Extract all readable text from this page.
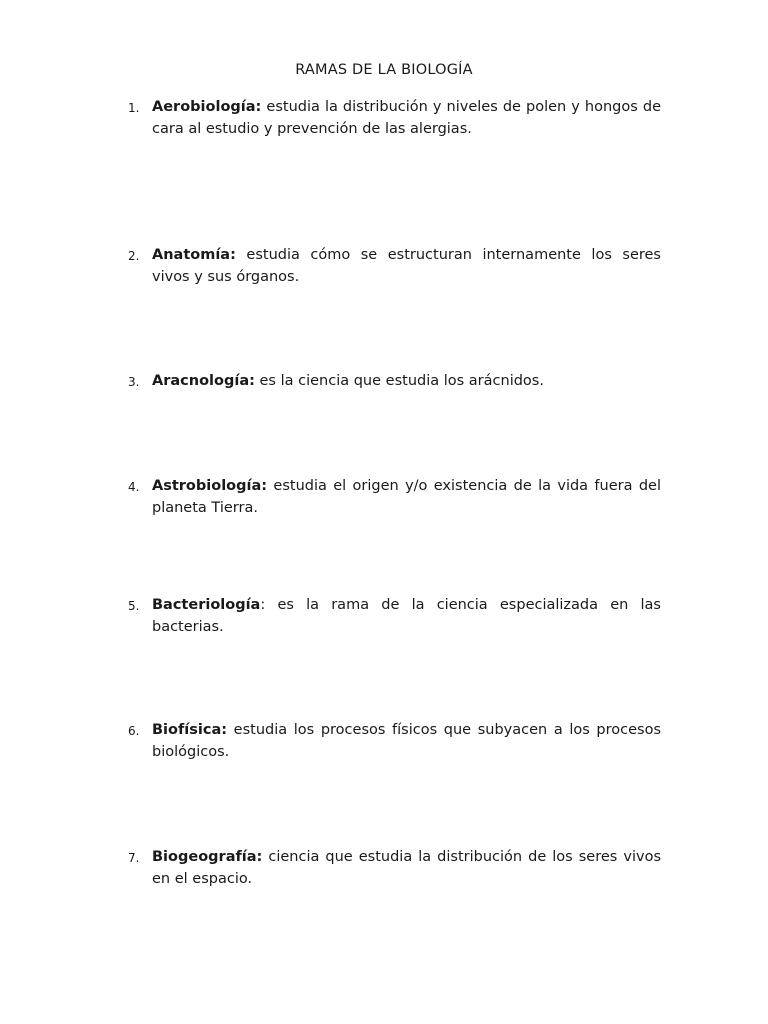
RAMAS DE LA BIOLOGÍA
1. Aerobiología: estudia la distribución y niveles de polen y hongos de cara al estudio y prevención de las alergias.
2. Anatomía: estudia cómo se estructuran internamente los seres vivos y sus órganos.
3. Aracnología: es la ciencia que estudia los arácnidos.
4. Astrobiología: estudia el origen y/o existencia de la vida fuera del planeta Tierra.
5. Bacteriología: es la rama de la ciencia especializada en las bacterias.
6. Biofísica: estudia los procesos físicos que subyacen a los procesos biológicos.
7. Biogeografía: ciencia que estudia la distribución de los seres vivos en el espacio.
